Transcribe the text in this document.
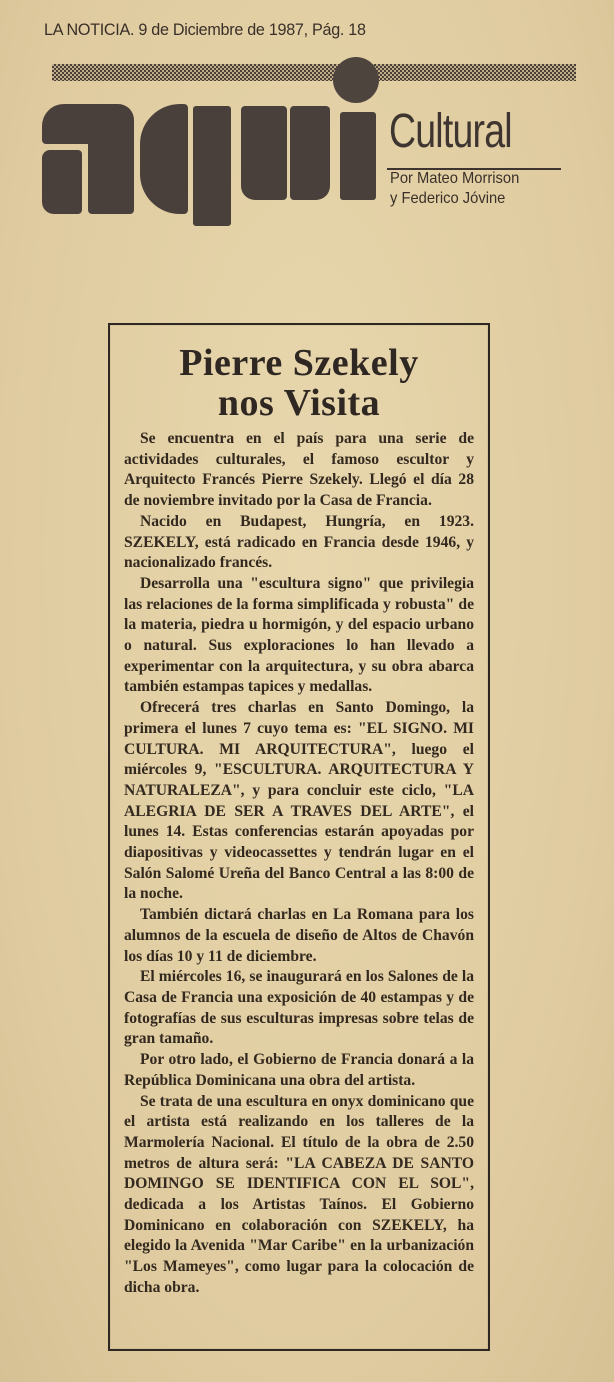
LA NOTICIA. 9 de Diciembre de 1987, Pág. 18
Cultural
Por Mateo Morrison
y Federico Jóvine
Pierre Szekely
nos Visita

Se encuentra en el país para una serie de actividades culturales, el famoso escultor y Arquitecto Francés Pierre Szekely. Llegó el día 28 de noviembre invitado por la Casa de Francia.

Nacido en Budapest, Hungría, en 1923. SZEKELY, está radicado en Francia desde 1946, y nacionalizado francés.

Desarrolla una "escultura signo" que privilegia las relaciones de la forma simplificada y robusta" de la materia, piedra u hormigón, y del espacio urbano o natural. Sus exploraciones lo han llevado a experimentar con la arquitectura, y su obra abarca también estampas tapices y medallas.

Ofrecerá tres charlas en Santo Domingo, la primera el lunes 7 cuyo tema es: "EL SIGNO. MI CULTURA. MI ARQUITECTURA", luego el miércoles 9, "ESCULTURA. ARQUITECTURA Y NATURALEZA", y para concluir este ciclo, "LA ALEGRIA DE SER A TRAVES DEL ARTE", el lunes 14. Estas conferencias estarán apoyadas por diapositivas y videocassettes y tendrán lugar en el Salón Salomé Ureña del Banco Central a las 8:00 de la noche.

También dictará charlas en La Romana para los alumnos de la escuela de diseño de Altos de Chavón los días 10 y 11 de diciembre.

El miércoles 16, se inaugurará en los Salones de la Casa de Francia una exposición de 40 estampas y de fotografías de sus esculturas impresas sobre telas de gran tamaño.

Por otro lado, el Gobierno de Francia donará a la República Dominicana una obra del artista.

Se trata de una escultura en onyx dominicano que el artista está realizando en los talleres de la Marmolería Nacional. El título de la obra de 2.50 metros de altura será: "LA CABEZA DE SANTO DOMINGO SE IDENTIFICA CON EL SOL", dedicada a los Artistas Taínos. El Gobierno Dominicano en colaboración con SZEKELY, ha elegido la Avenida "Mar Caribe" en la urbanización "Los Mameyes", como lugar para la colocación de dicha obra.
